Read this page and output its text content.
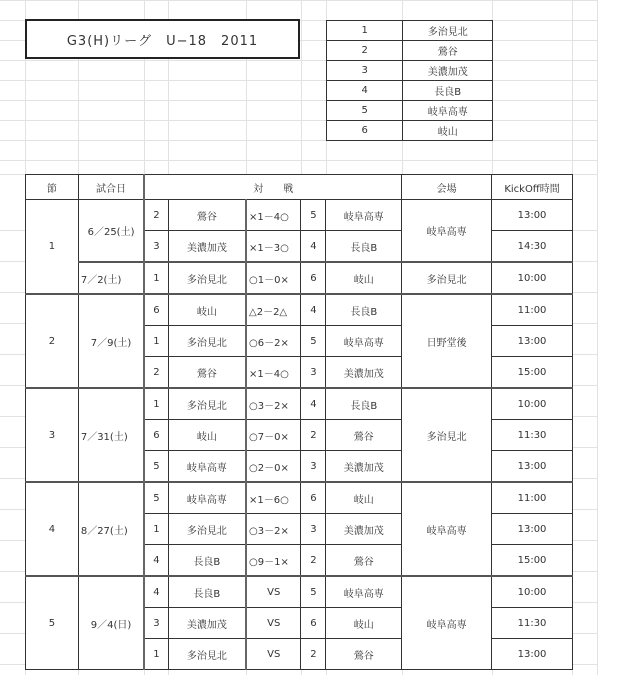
G3(H)リーグ　U−18　2011
1	多治見北
2	鶯谷
3	美濃加茂
4	長良B
5	岐阜高専
6	岐山
節	試合日	対　　戦					会場	KickOff時間
1	6／25(土)	2	鶯谷	×1－4○	5	岐阜高専	岐阜高専	13:00
		3	美濃加茂	×1－3○	4	長良B		14:30
	7／2(土)	1	多治見北	○1－0×	6	岐山	多治見北	10:00
2	7／9(土)	6	岐山	△2－2△	4	長良B	日野堂後	11:00
		1	多治見北	○6－2×	5	岐阜高専		13:00
		2	鶯谷	×1－4○	3	美濃加茂		15:00
3	7／31(土)	1	多治見北	○3－2×	4	長良B	多治見北	10:00
		6	岐山	○7－0×	2	鶯谷		11:30
		5	岐阜高専	○2－0×	3	美濃加茂		13:00
4	8／27(土)	5	岐阜高専	×1－6○	6	岐山	岐阜高専	11:00
		1	多治見北	○3－2×	3	美濃加茂		13:00
		4	長良B	○9－1×	2	鶯谷		15:00
5	9／4(日)	4	長良B	VS	5	岐阜高専	岐阜高専	10:00
		3	美濃加茂	VS	6	岐山		11:30
		1	多治見北	VS	2	鶯谷		13:00
